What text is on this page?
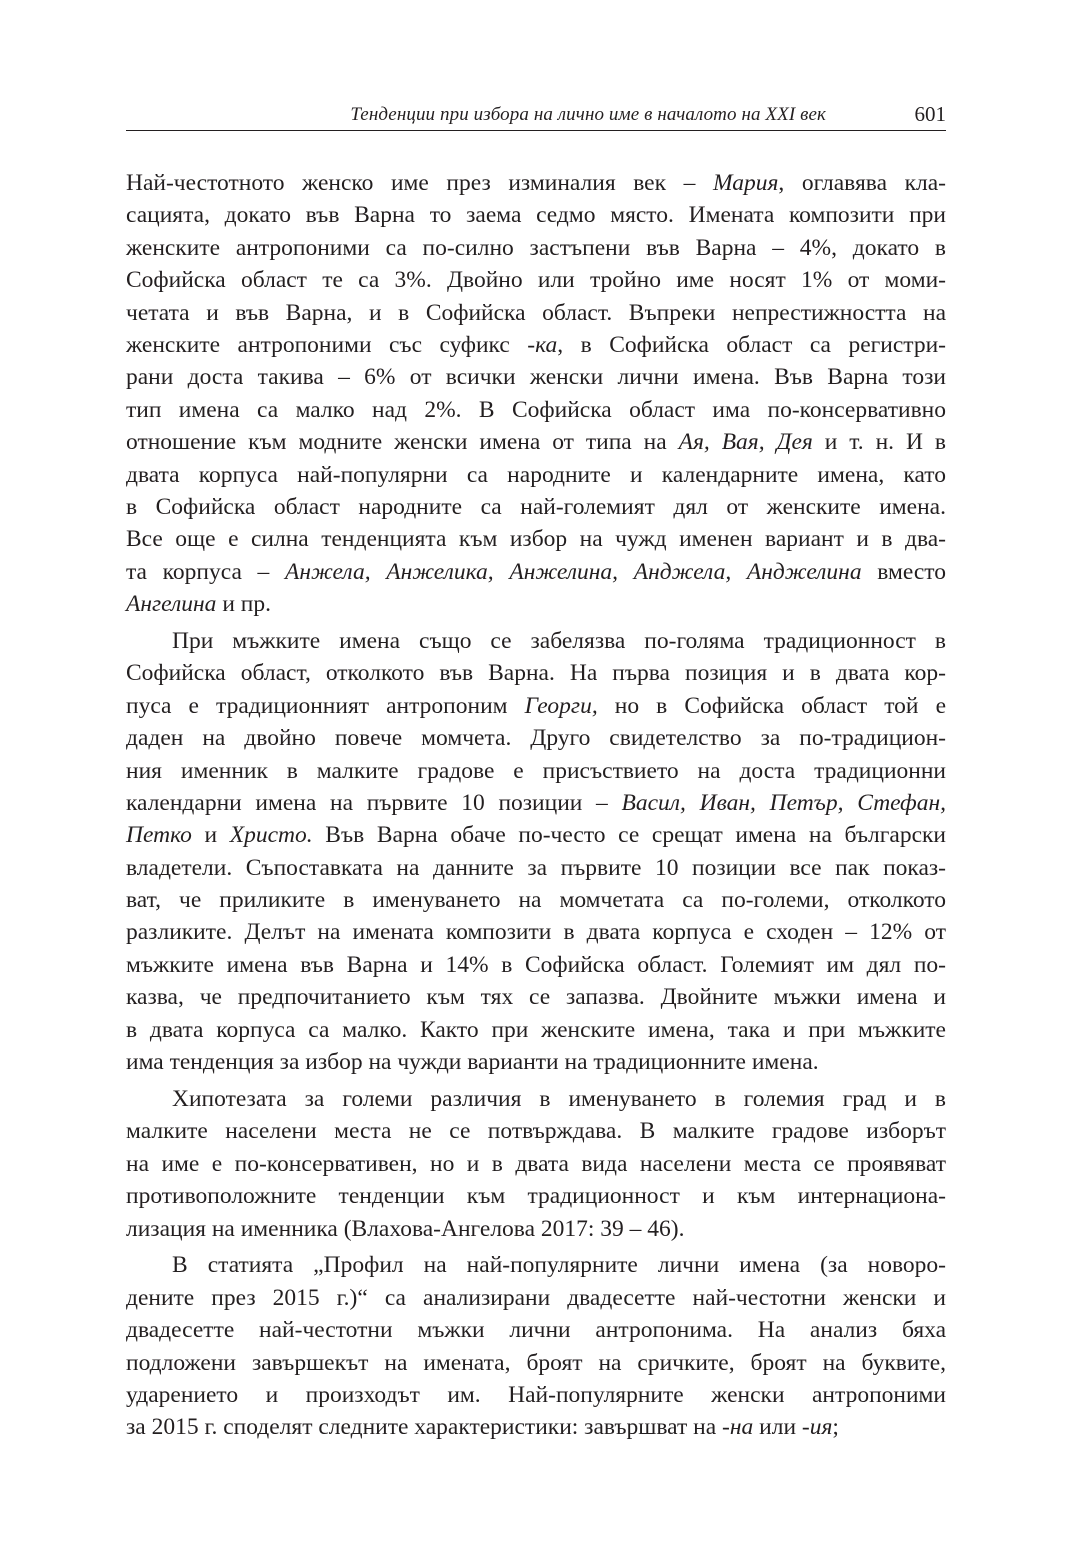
Тенденции при избора на лично име в началото на XXI век	601
Най-честотното женско име през изминалия век – Мария, оглавява кла-
сацията, докато във Варна то заема седмо място. Имената композити при
женските антропоними са по-силно застъпени във Варна – 4%, докато в
Софийска област те са 3%. Двойно или тройно име носят 1% от моми-
четата и във Варна, и в Софийска област. Въпреки непрестижността на
женските антропоними със суфикс -ка, в Софийска област са регистри-
рани доста такива – 6% от всички женски лични имена. Във Варна този
тип имена са малко над 2%. В Софийска област има по-консервативно
отношение към модните женски имена от типа на Ая, Вая, Дея и т. н. И в
двата корпуса най-популярни са народните и календарните имена, като
в Софийска област народните са най-големият дял от женските имена.
Все още е силна тенденцията към избор на чужд именен вариант и в два-
та корпуса – Анжела, Анжелика, Анжелина, Анджела, Анджелина вместо
Ангелина и пр.
При мъжките имена също се забелязва по-голяма традиционност в
Софийска област, отколкото във Варна. На първа позиция и в двата кор-
пуса е традиционният антропоним Георги, но в Софийска област той е
даден на двойно повече момчета. Друго свидетелство за по-традицион-
ния именник в малките градове е присъствието на доста традиционни
календарни имена на първите 10 позиции – Васил, Иван, Петър, Стефан,
Петко и Христо. Във Варна обаче по-често се срещат имена на български
владетели. Съпоставката на данните за първите 10 позиции все пак показ-
ват, че приликите в именуването на момчетата са по-големи, отколкото
разликите. Делът на имената композити в двата корпуса е сходен – 12% от
мъжките имена във Варна и 14% в Софийска област. Големият им дял по-
казва, че предпочитанието към тях се запазва. Двойните мъжки имена и
в двата корпуса са малко. Както при женските имена, така и при мъжките
има тенденция за избор на чужди варианти на традиционните имена.
Хипотезата за големи различия в именуването в големия град и в
малките населени места не се потвърждава. В малките градове изборът
на име е по-консервативен, но и в двата вида населени места се проявяват
противоположните тенденции към традиционност и към интернациона-
лизация на именника (Влахова-Ангелова 2017: 39 – 46).
В статията „Профил на най-популярните лични имена (за новоро-
дените през 2015 г.)“ са анализирани двадесетте най-честотни женски и
двадесетте най-честотни мъжки лични антропонима. На анализ бяха
подложени завършекът на имената, броят на сричките, броят на буквите,
ударението и произходът им. Най-популярните женски антропоними
за 2015 г. споделят следните характеристики: завършват на -на или -ия;
